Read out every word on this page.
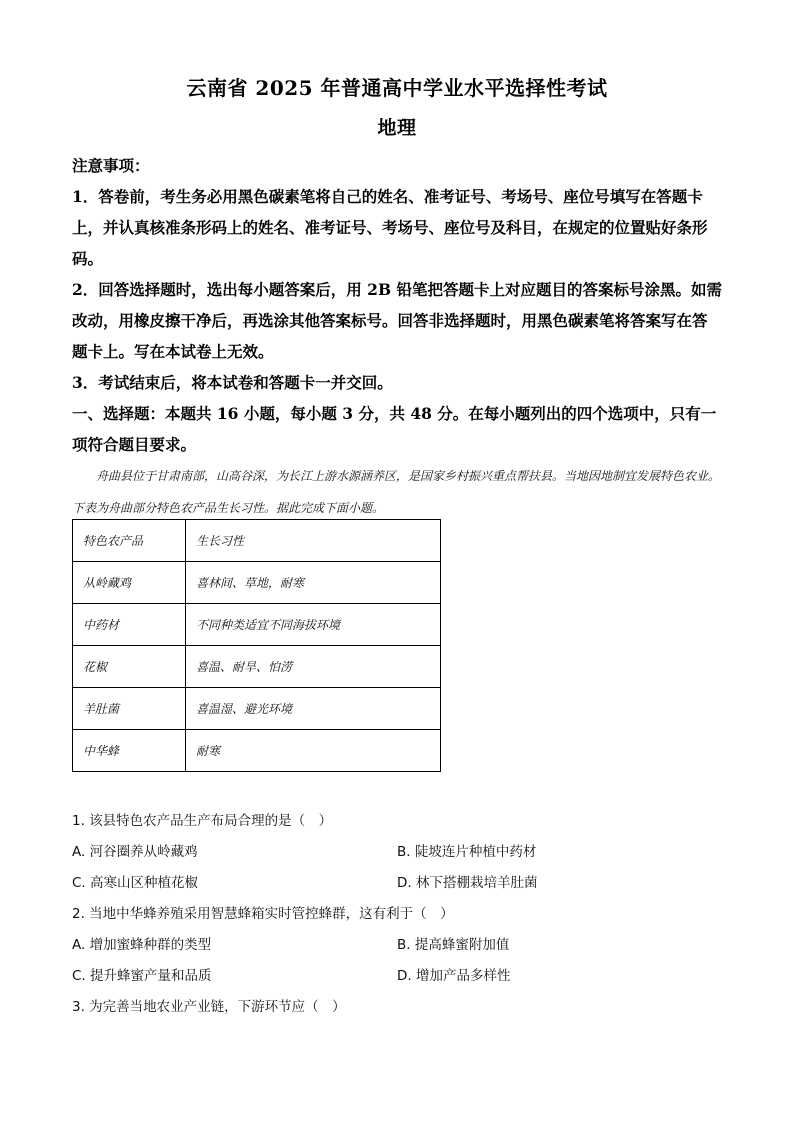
云南省 2025 年普通高中学业水平选择性考试
地理

注意事项：

1．答卷前，考生务必用黑色碳素笔将自己的姓名、准考证号、考场号、座位号填写在答题卡上，并认真核准条形码上的姓名、准考证号、考场号、座位号及科目，在规定的位置贴好条形码。

2．回答选择题时，选出每小题答案后，用 2B 铅笔把答题卡上对应题目的答案标号涂黑。如需改动，用橡皮擦干净后，再选涂其他答案标号。回答非选择题时，用黑色碳素笔将答案写在答题卡上。写在本试卷上无效。

3．考试结束后，将本试卷和答题卡一并交回。

一、选择题：本题共 16 小题，每小题 3 分，共 48 分。在每小题列出的四个选项中，只有一项符合题目要求。

舟曲县位于甘肃南部，山高谷深，为长江上游水源涵养区，是国家乡村振兴重点帮扶县。当地因地制宜发展特色农业。下表为舟曲部分特色农产品生长习性。据此完成下面小题。

特色农产品	生长习性
从岭藏鸡	喜林间、草地，耐寒
中药材	不同种类适宜不同海拔环境
花椒	喜温、耐旱、怕涝
羊肚菌	喜温湿、避光环境
中华蜂	耐寒

1. 该县特色农产品生产布局合理的是（　）

A. 河谷圈养从岭藏鸡	B. 陡坡连片种植中药材
C. 高寒山区种植花椒	D. 林下搭棚栽培羊肚菌

2. 当地中华蜂养殖采用智慧蜂箱实时管控蜂群，这有利于（　）

A. 增加蜜蜂种群的类型	B. 提高蜂蜜附加值
C. 提升蜂蜜产量和品质	D. 增加产品多样性

3. 为完善当地农业产业链，下游环节应（　）
